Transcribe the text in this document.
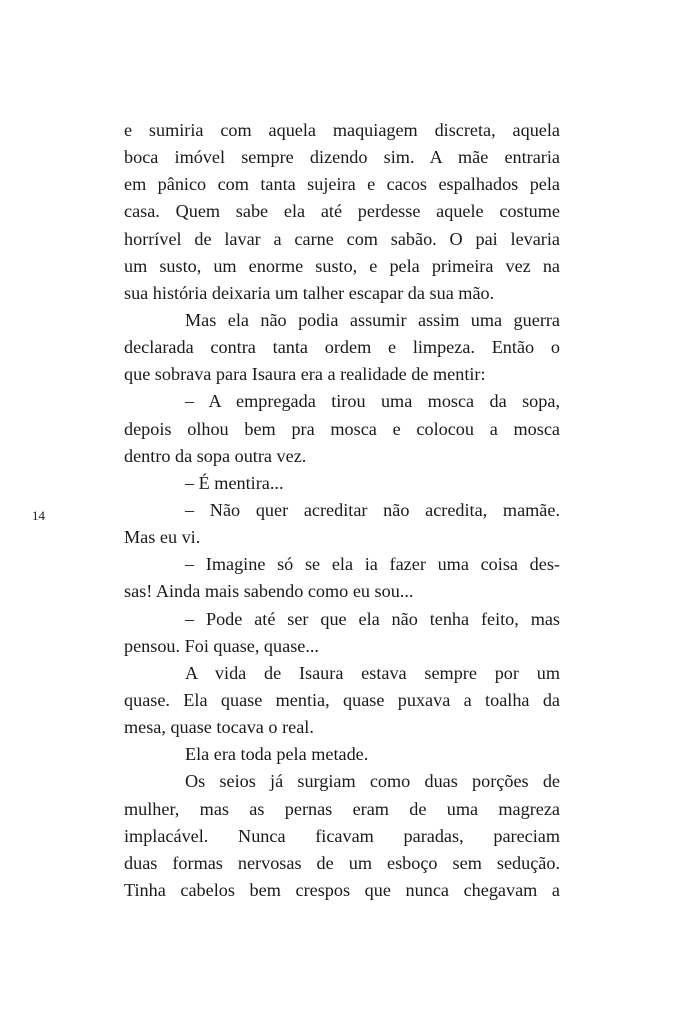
14
e sumiria com aquela maquiagem discreta, aquela
boca imóvel sempre dizendo sim. A mãe entraria
em pânico com tanta sujeira e cacos espalhados pela
casa. Quem sabe ela até perdesse aquele costume
horrível de lavar a carne com sabão. O pai levaria
um susto, um enorme susto, e pela primeira vez na
sua história deixaria um talher escapar da sua mão.
Mas ela não podia assumir assim uma guerra
declarada contra tanta ordem e limpeza. Então o
que sobrava para Isaura era a realidade de mentir:
– A empregada tirou uma mosca da sopa,
depois olhou bem pra mosca e colocou a mosca
dentro da sopa outra vez.
– É mentira...
– Não quer acreditar não acredita, mamãe.
Mas eu vi.
– Imagine só se ela ia fazer uma coisa des-
sas! Ainda mais sabendo como eu sou...
– Pode até ser que ela não tenha feito, mas
pensou. Foi quase, quase...
A vida de Isaura estava sempre por um
quase. Ela quase mentia, quase puxava a toalha da
mesa, quase tocava o real.
Ela era toda pela metade.
Os seios já surgiam como duas porções de
mulher, mas as pernas eram de uma magreza
implacável. Nunca ficavam paradas, pareciam
duas formas nervosas de um esboço sem sedução.
Tinha cabelos bem crespos que nunca chegavam a
